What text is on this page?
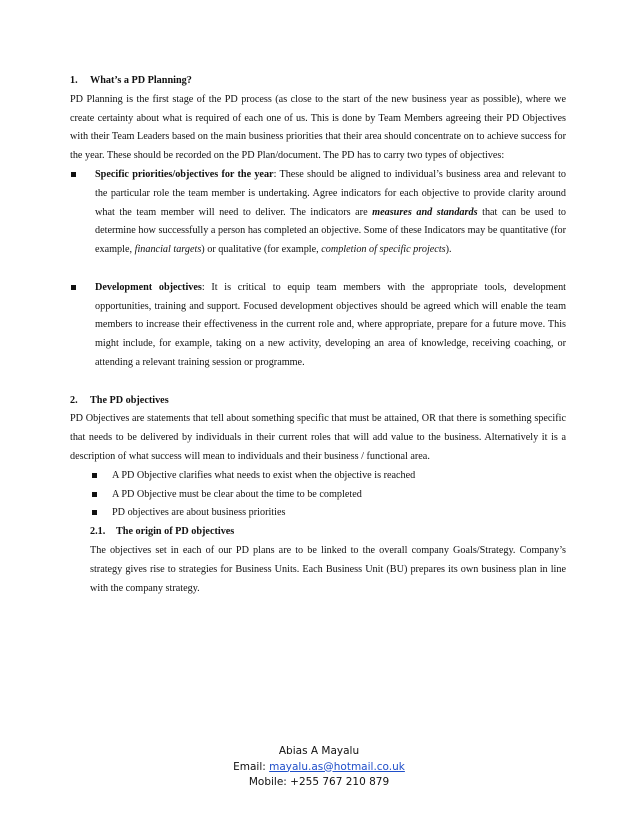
1. What’s a PD Planning?

PD Planning is the first stage of the PD process (as close to the start of the new business year as possible), where we create certainty about what is required of each one of us. This is done by Team Members agreeing their PD Objectives with their Team Leaders based on the main business priorities that their area should concentrate on to achieve success for the year. These should be recorded on the PD Plan/document. The PD has to carry two types of objectives:

Specific priorities/objectives for the year: These should be aligned to individual’s business area and relevant to the particular role the team member is undertaking. Agree indicators for each objective to provide clarity around what the team member will need to deliver. The indicators are measures and standards that can be used to determine how successfully a person has completed an objective. Some of these Indicators may be quantitative (for example, financial targets) or qualitative (for example, completion of specific projects).
Development objectives: It is critical to equip team members with the appropriate tools, development opportunities, training and support. Focused development objectives should be agreed which will enable the team members to increase their effectiveness in the current role and, where appropriate, prepare for a future move. This might include, for example, taking on a new activity, developing an area of knowledge, receiving coaching, or attending a relevant training session or programme.

2. The PD objectives

PD Objectives are statements that tell about something specific that must be attained, OR that there is something specific that needs to be delivered by individuals in their current roles that will add value to the business. Alternatively it is a description of what success will mean to individuals and their business / functional area.

A PD Objective clarifies what needs to exist when the objective is reached
A PD Objective must be clear about the time to be completed
PD objectives are about business priorities
2.1. The origin of PD objectives

The objectives set in each of our PD plans are to be linked to the overall company Goals/Strategy. Company’s strategy gives rise to strategies for Business Units. Each Business Unit (BU) prepares its own business plan in line with the company strategy.

Abias A Mayalu
Email: mayalu.as@hotmail.co.uk
Mobile: +255 767 210 879
